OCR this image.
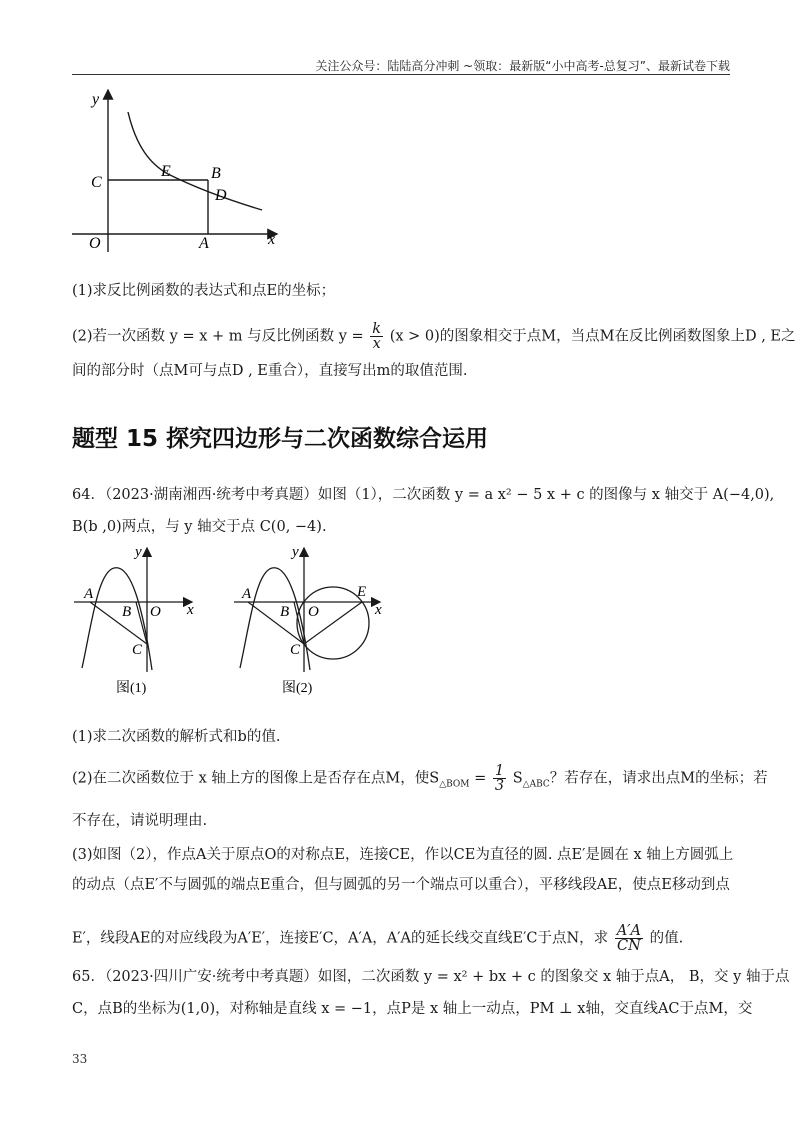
关注公众号：陆陆高分冲刺 ~领取：最新版“小中高考-总复习”、最新试卷下载
y
x
O
C
E	B
D
A
(1)求反比例函数的表达式和点E的坐标；
(2)若一次函数 y = x + m 与反比例函数 $y = \frac{k}{x} (x > 0)$的图象相交于点M，当点M在反比例函数图象上D , E之
间的部分时（点M可与点D , E重合），直接写出m的取值范围.
题型 15 探究四边形与二次函数综合运用
64．（2023·湖南湘西·统考中考真题）如图（1），二次函数 y = a x² − 5 x + c 的图像与 x 轴交于 A(−4,0),
B(b ,0)两点，与 y 轴交于点 C(0, −4).
y
x
A
B O
C
图(1)
y
x
A
B O
C
E
图(2)
(1)求二次函数的解析式和b的值.
(2)在二次函数位于 x 轴上方的图像上是否存在点M，使$S_{\triangle BOM} = \frac{1}{3} S_{\triangle ABC}$？若存在，请求出点M的坐标；若
不存在，请说明理由.
(3)如图（2），作点A关于原点O的对称点E，连接CE，作以CE为直径的圆. 点E′是圆在 x 轴上方圆弧上
的动点（点E′不与圆弧的端点E重合，但与圆弧的另一个端点可以重合），平移线段AE，使点E移动到点
E′，线段AE的对应线段为A′E′，连接E′C，A′A，A′A的延长线交直线E′C于点N，求 $\frac{A'A}{CN}$ 的值.
65．（2023·四川广安·统考中考真题）如图，二次函数 y = x² + bx + c 的图象交 x 轴于点A， B，交 y 轴于点
C，点B的坐标为(1,0)，对称轴是直线 x = −1，点P是 x 轴上一动点，PM ⊥ x轴，交直线AC于点M，交
33
